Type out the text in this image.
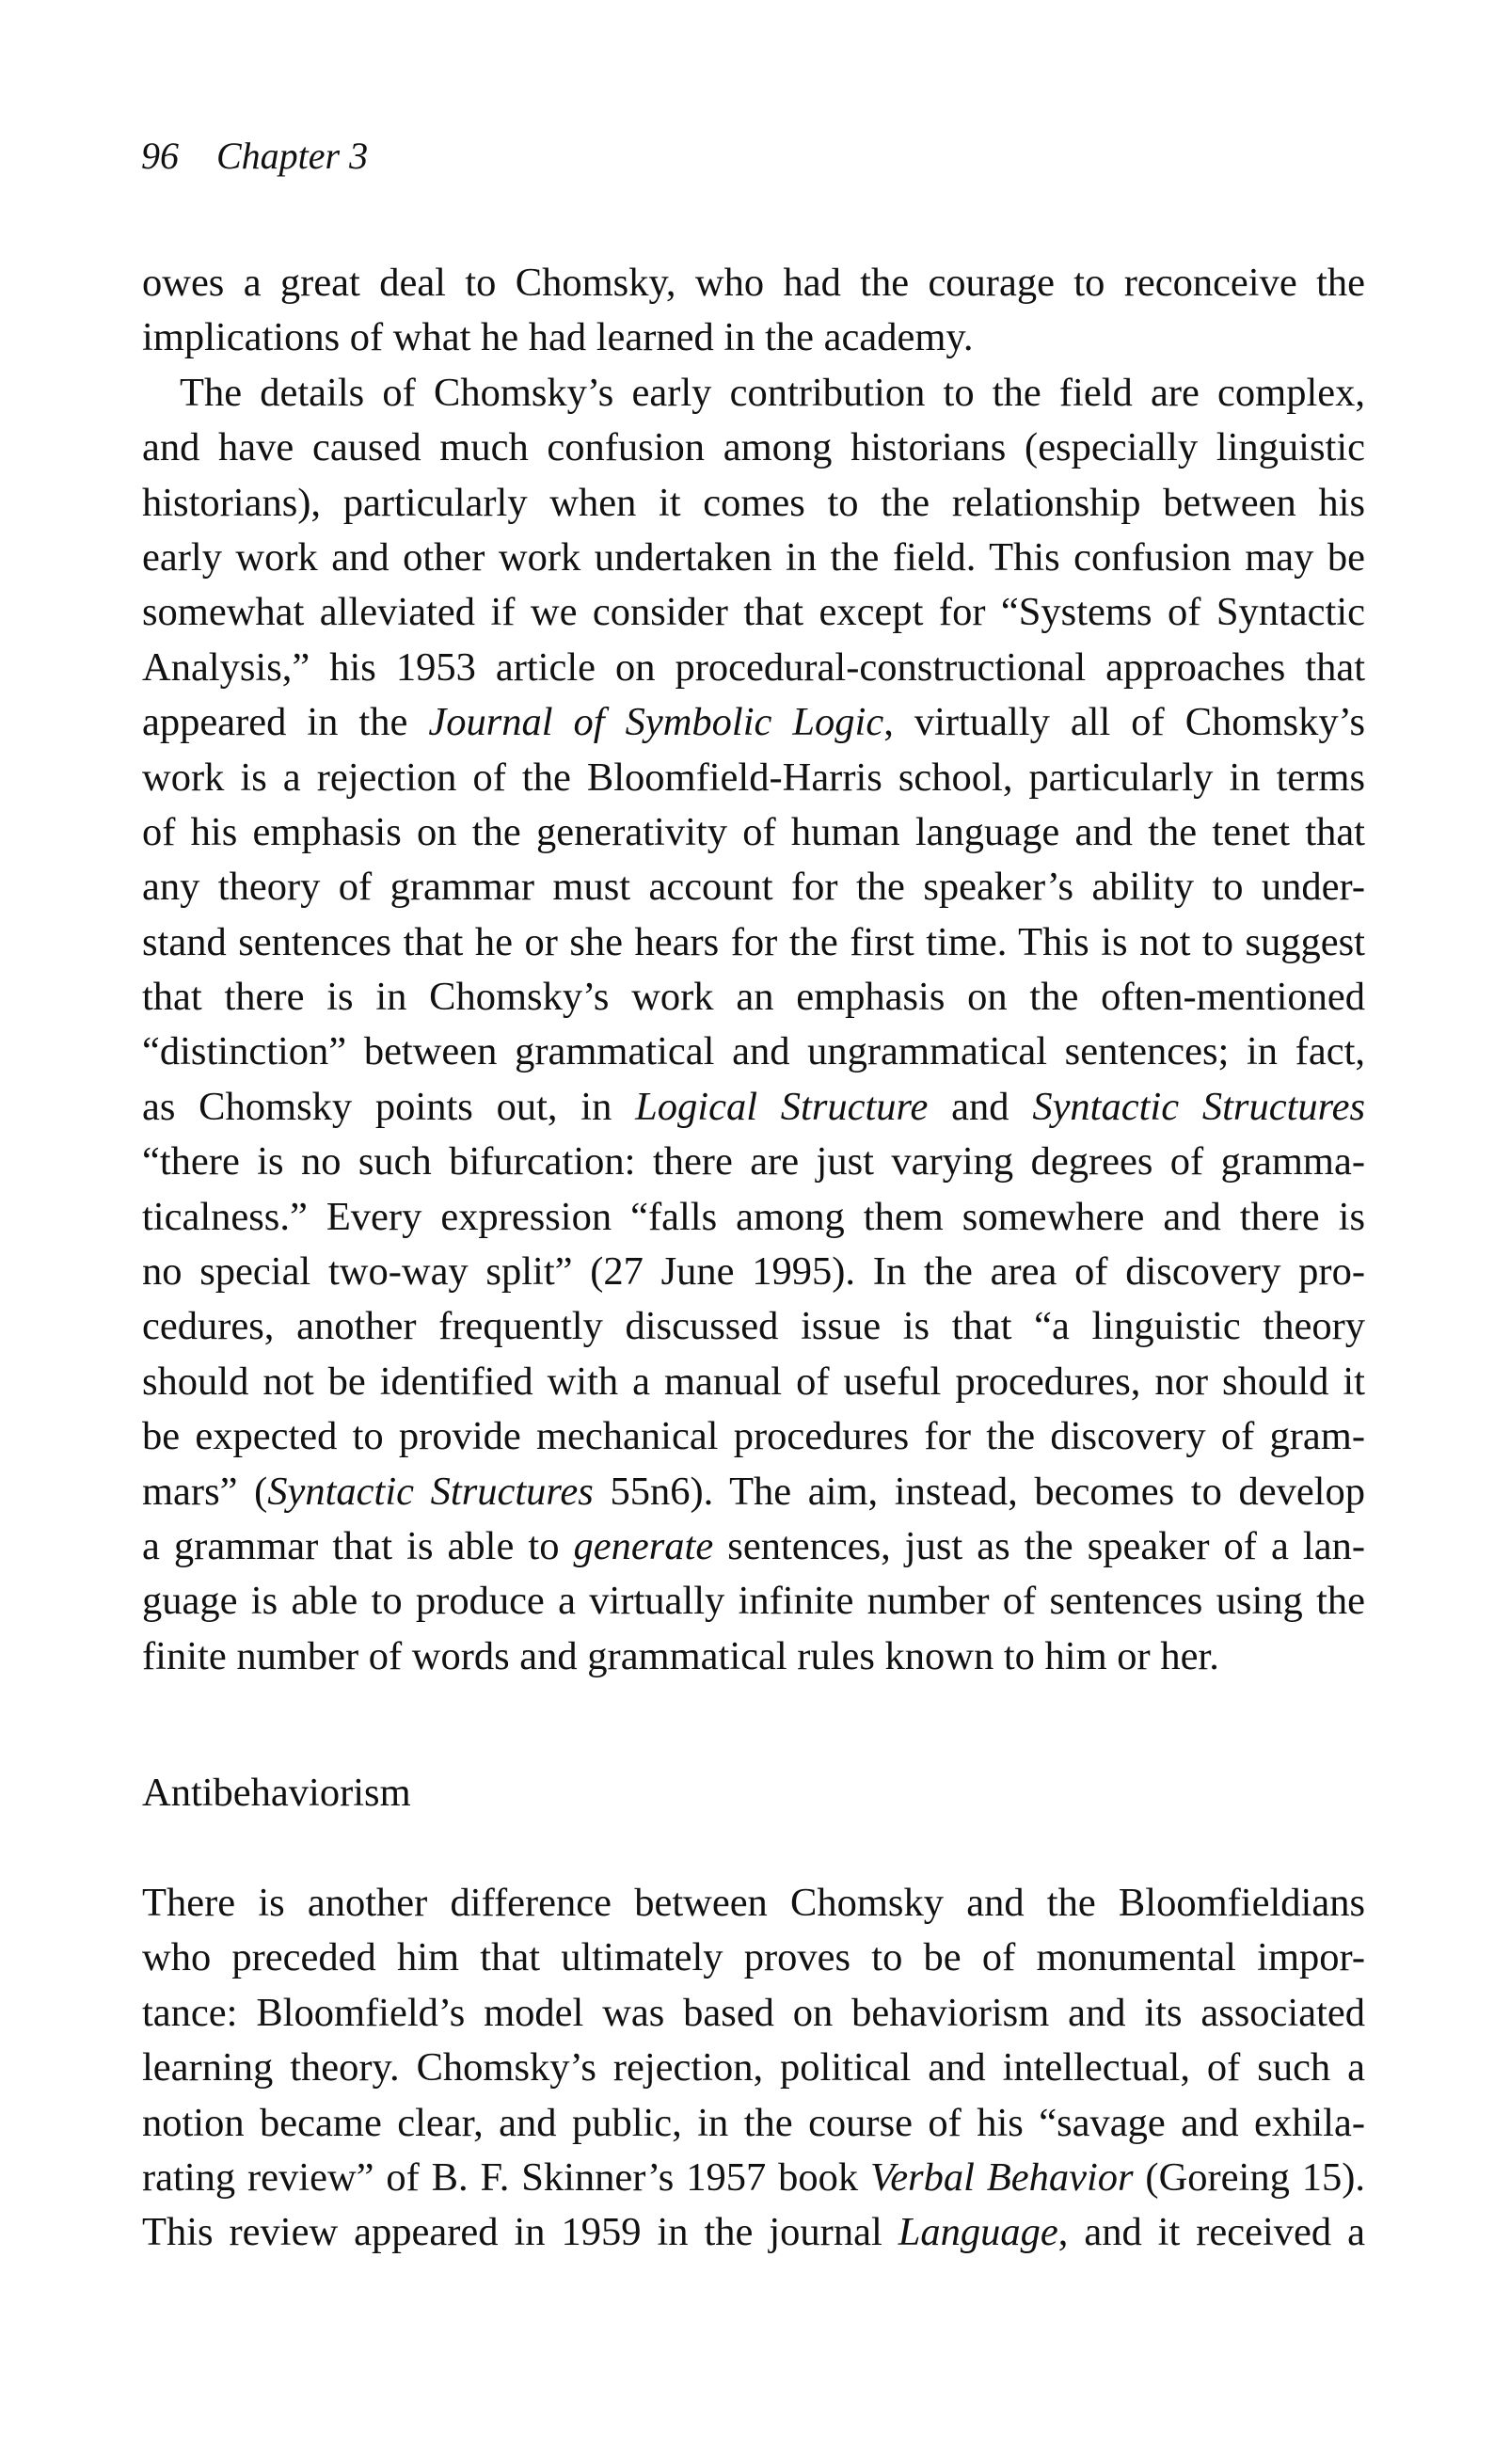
96 Chapter 3
owes a great deal to Chomsky, who had the courage to reconceive the
implications of what he had learned in the academy.
The details of Chomsky’s early contribution to the field are complex,
and have caused much confusion among historians (especially linguistic
historians), particularly when it comes to the relationship between his
early work and other work undertaken in the field. This confusion may be
somewhat alleviated if we consider that except for “Systems of Syntactic
Analysis,” his 1953 article on procedural-constructional approaches that
appeared in the Journal of Symbolic Logic, virtually all of Chomsky’s
work is a rejection of the Bloomfield-Harris school, particularly in terms
of his emphasis on the generativity of human language and the tenet that
any theory of grammar must account for the speaker’s ability to under-
stand sentences that he or she hears for the first time. This is not to suggest
that there is in Chomsky’s work an emphasis on the often-mentioned
“distinction” between grammatical and ungrammatical sentences; in fact,
as Chomsky points out, in Logical Structure and Syntactic Structures
“there is no such bifurcation: there are just varying degrees of gramma-
ticalness.” Every expression “falls among them somewhere and there is
no special two-way split” (27 June 1995). In the area of discovery pro-
cedures, another frequently discussed issue is that “a linguistic theory
should not be identified with a manual of useful procedures, nor should it
be expected to provide mechanical procedures for the discovery of gram-
mars” (Syntactic Structures 55n6). The aim, instead, becomes to develop
a grammar that is able to generate sentences, just as the speaker of a lan-
guage is able to produce a virtually infinite number of sentences using the
finite number of words and grammatical rules known to him or her.
Antibehaviorism
There is another difference between Chomsky and the Bloomfieldians
who preceded him that ultimately proves to be of monumental impor-
tance: Bloomfield’s model was based on behaviorism and its associated
learning theory. Chomsky’s rejection, political and intellectual, of such a
notion became clear, and public, in the course of his “savage and exhila-
rating review” of B. F. Skinner’s 1957 book Verbal Behavior (Goreing 15).
This review appeared in 1959 in the journal Language, and it received a
